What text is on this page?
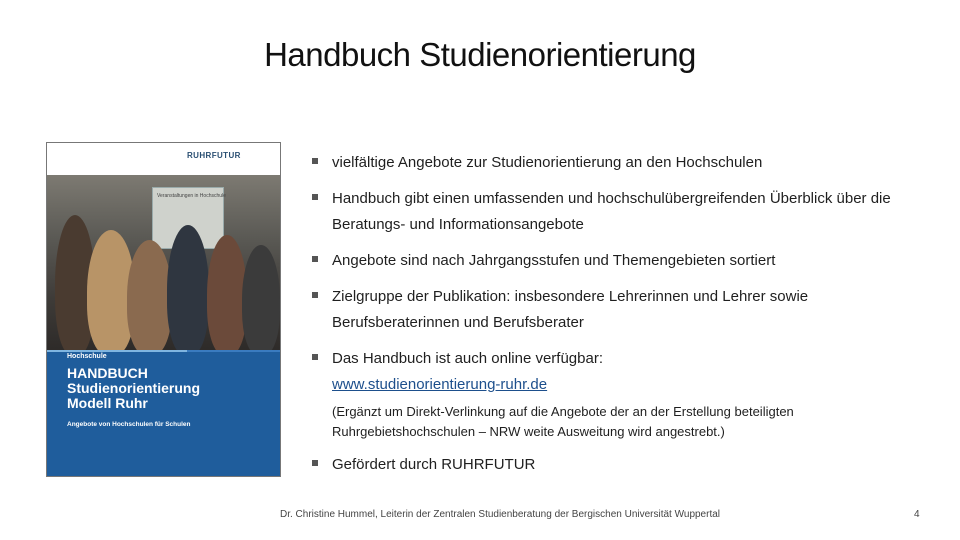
Handbuch Studienorientierung
RUHRFUTUR
Veranstaltungen in Hochschule
Hochschule
HANDBUCH
Studienorientierung
Modell Ruhr
Angebote von Hochschulen für Schulen
vielfältige Angebote zur Studienorientierung an den Hochschulen
Handbuch gibt einen umfassenden und hochschulübergreifenden Überblick über die Beratungs- und Informationsangebote
Angebote sind nach Jahrgangsstufen und Themengebieten sortiert
Zielgruppe der Publikation: insbesondere Lehrerinnen und Lehrer sowie Berufsberaterinnen und Berufsberater
Das Handbuch ist auch online verfügbar:
www.studienorientierung-ruhr.de
(Ergänzt um Direkt-Verlinkung auf die Angebote der an der Erstellung beteiligten Ruhrgebietshochschulen – NRW weite Ausweitung wird angestrebt.)
Gefördert durch RUHRFUTUR
Dr. Christine Hummel, Leiterin der Zentralen Studienberatung der Bergischen Universität Wuppertal	4
